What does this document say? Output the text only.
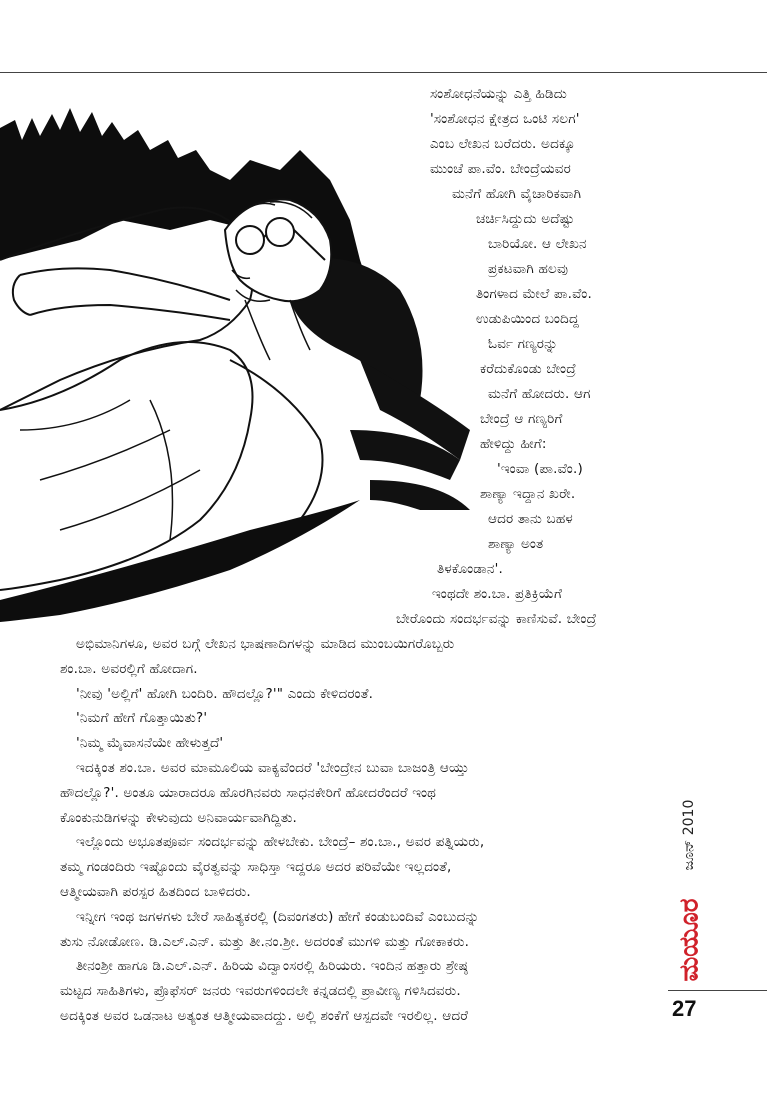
ಸಂಶೋಧನೆಯನ್ನು ಎತ್ತಿ ಹಿಡಿದು
'ಸಂಶೋಧನ ಕ್ಷೇತ್ರದ ಒಂಟಿ ಸಲಗ'
ಎಂಬ ಲೇಖನ ಬರೆದರು. ಅದಕ್ಕೂ
ಮುಂಚೆ ಪಾ.ವೆಂ. ಬೇಂದ್ರೆಯವರ
ಮನೆಗೆ ಹೋಗಿ ವೈಚಾರಿಕವಾಗಿ
ಚರ್ಚಿಸಿದ್ದುದು ಅದೆಷ್ಟು
ಬಾರಿಯೋ. ಆ ಲೇಖನ
ಪ್ರಕಟವಾಗಿ ಹಲವು
ತಿಂಗಳಾದ ಮೇಲೆ ಪಾ.ವೆಂ.
ಉಡುಪಿಯಿಂದ ಬಂದಿದ್ದ
ಓರ್ವ ಗಣ್ಯರನ್ನು
ಕರೆದುಕೊಂಡು ಬೇಂದ್ರೆ
ಮನೆಗೆ ಹೋದರು. ಆಗ
ಬೇಂದ್ರೆ ಆ ಗಣ್ಯರಿಗೆ
ಹೇಳಿದ್ದು ಹೀಗೆ:
'ಇಂವಾ (ಪಾ.ವೆಂ.)
ಶಾಣ್ಯಾ ಇದ್ದಾನ ಖರೇ.
ಆದರ ತಾನು ಬಹಳ
ಶಾಣ್ಯಾ ಅಂತ
ತಿಳಕೊಂಡಾನ'.
ಇಂಥದೇ ಶಂ.ಬಾ. ಪ್ರತಿಕ್ರಿಯೆಗೆ
ಬೇರೊಂದು ಸಂದರ್ಭವನ್ನು ಕಾಣಿಸುವೆ. ಬೇಂದ್ರೆ
ಅಭಿಮಾನಿಗಳೂ, ಅವರ ಬಗ್ಗೆ ಲೇಖನ ಭಾಷಣಾದಿಗಳನ್ನು ಮಾಡಿದ ಮುಂಬಯಿಗರೊಬ್ಬರು
ಶಂ.ಬಾ. ಅವರಲ್ಲಿಗೆ ಹೋದಾಗ.
'ನೀವು 'ಅಲ್ಲಿಗೆ' ಹೋಗಿ ಬಂದಿರಿ. ಹೌದಲ್ಲೊ?'" ಎಂದು ಕೇಳಿದರಂತೆ.
'ನಿಮಗೆ ಹೇಗೆ ಗೊತ್ತಾಯಿತು?'
'ನಿಮ್ಮ ಮೈವಾಸನೆಯೇ ಹೇಳುತ್ತದೆ'
ಇದಕ್ಕಿಂತ ಶಂ.ಬಾ. ಅವರ ಮಾಮೂಲಿಯ ವಾಕ್ಯವೆಂದರೆ 'ಬೇಂದ್ರೇನ ಬುವಾ ಬಾಜಂತ್ರಿ ಆಯ್ತು
ಹೌದಲ್ಲೊ?'. ಅಂತೂ ಯಾರಾದರೂ ಹೊರಗಿನವರು ಸಾಧನಕೇರಿಗೆ ಹೋದರೆಂದರೆ ಇಂಥ
ಕೊಂಕುನುಡಿಗಳನ್ನು ಕೇಳುವುದು ಅನಿವಾರ್ಯವಾಗಿದ್ದಿತು.
ಇಲ್ಲೊಂದು ಅಭೂತಪೂರ್ವ ಸಂದರ್ಭವನ್ನು ಹೇಳಬೇಕು. ಬೇಂದ್ರೆ– ಶಂ.ಬಾ., ಅವರ ಪತ್ನಿಯರು,
ತಮ್ಮ ಗಂಡಂದಿರು ಇಷ್ಟೊಂದು ವೈರತ್ವವನ್ನು ಸಾಧಿಸ್ತಾ ಇದ್ದರೂ ಅದರ ಪರಿವೆಯೇ ಇಲ್ಲದಂತೆ,
ಆತ್ಮೀಯವಾಗಿ ಪರಸ್ಪರ ಹಿತದಿಂದ ಬಾಳಿದರು.
ಇನ್ನೀಗ ಇಂಥ ಜಗಳಗಳು ಬೇರೆ ಸಾಹಿತ್ಯಕರಲ್ಲಿ (ದಿವಂಗತರು) ಹೇಗೆ ಕಂಡುಬಂದಿವೆ ಎಂಬುದನ್ನು
ತುಸು ನೋಡೋಣ. ಡಿ.ಎಲ್.ಎನ್. ಮತ್ತು ತೀ.ನಂ.ಶ್ರೀ. ಅದರಂತೆ ಮುಗಳಿ ಮತ್ತು ಗೋಕಾಕರು.
ತೀನಂಶ್ರೀ ಹಾಗೂ ಡಿ.ಎಲ್.ಎನ್. ಹಿರಿಯ ವಿದ್ವಾಂಸರಲ್ಲಿ ಹಿರಿಯರು. ಇಂದಿನ ಹತ್ತಾರು ಶ್ರೇಷ್ಠ
ಮಟ್ಟದ ಸಾಹಿತಿಗಳು, ಪ್ರೊಫೆಸರ್ ಜನರು ಇವರುಗಳಿಂದಲೇ ಕನ್ನಡದಲ್ಲಿ ಪ್ರಾವೀಣ್ಯ ಗಳಿಸಿದವರು.
ಅದಕ್ಕಿಂತ ಅವರ ಒಡನಾಟ ಅತ್ಯಂತ ಆತ್ಮೀಯವಾದದ್ದು. ಅಲ್ಲಿ ಶಂಕೆಗೆ ಆಸ್ಪದವೇ ಇರಲಿಲ್ಲ. ಆದರೆ
ಜೂನ್ 2010
ಮಯೂರ
27
